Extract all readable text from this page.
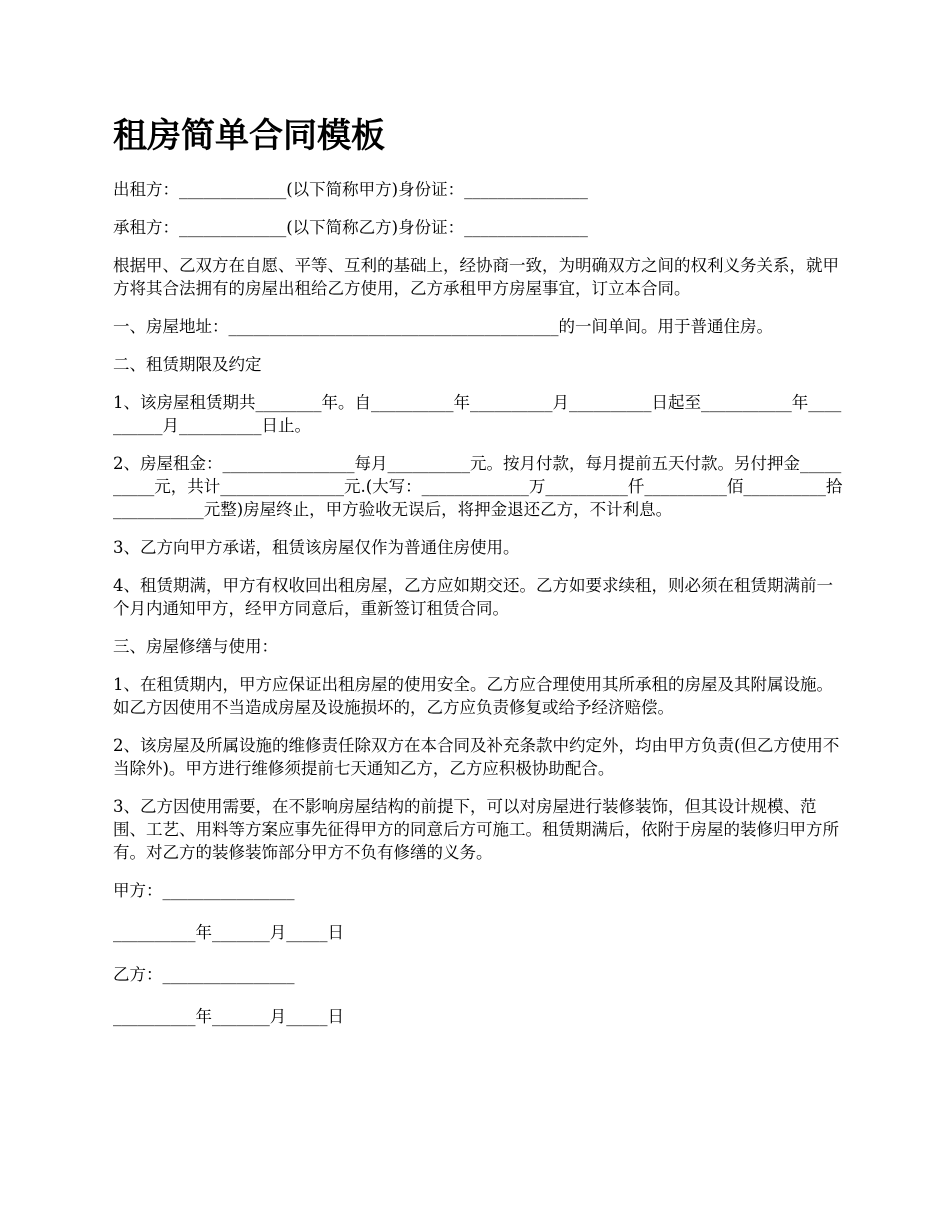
租房简单合同模板

出租方：_____________(以下简称甲方)身份证：_______________

承租方：_____________(以下简称乙方)身份证：_______________

根据甲、乙双方在自愿、平等、互利的基础上，经协商一致，为明确双方之间的权利义务关系，就甲方将其合法拥有的房屋出租给乙方使用，乙方承租甲方房屋事宜，订立本合同。

一、房屋地址：________________________________________的一间单间。用于普通住房。

二、租赁期限及约定

1、该房屋租赁期共________年。自__________年__________月__________日起至___________年__________月__________日止。

2、房屋租金：________________每月__________元。按月付款，每月提前五天付款。另付押金__________元，共计_______________元.(大写：_____________万__________仟__________佰__________拾___________元整)房屋终止，甲方验收无误后，将押金退还乙方，不计利息。

3、乙方向甲方承诺，租赁该房屋仅作为普通住房使用。

4、租赁期满，甲方有权收回出租房屋，乙方应如期交还。乙方如要求续租，则必须在租赁期满前一个月内通知甲方，经甲方同意后，重新签订租赁合同。

三、房屋修缮与使用：

1、在租赁期内，甲方应保证出租房屋的使用安全。乙方应合理使用其所承租的房屋及其附属设施。如乙方因使用不当造成房屋及设施损坏的，乙方应负责修复或给予经济赔偿。

2、该房屋及所属设施的维修责任除双方在本合同及补充条款中约定外，均由甲方负责(但乙方使用不当除外)。甲方进行维修须提前七天通知乙方，乙方应积极协助配合。

3、乙方因使用需要，在不影响房屋结构的前提下，可以对房屋进行装修装饰，但其设计规模、范围、工艺、用料等方案应事先征得甲方的同意后方可施工。租赁期满后，依附于房屋的装修归甲方所有。对乙方的装修装饰部分甲方不负有修缮的义务。

甲方：________________

__________年_______月_____日

乙方：________________

__________年_______月_____日
